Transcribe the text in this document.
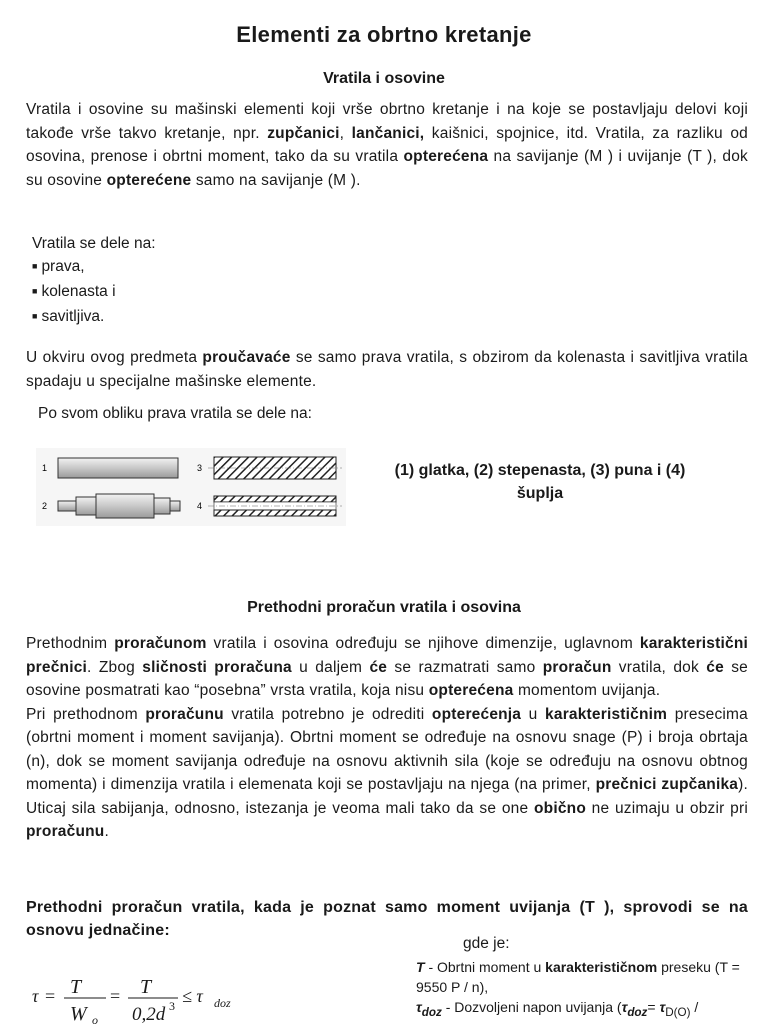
Elementi za obrtno kretanje
Vratila i osovine
Vratila i osovine su mašinski elementi koji vrše obrtno kretanje i na koje se postavljaju delovi koji takođe vrše takvo kretanje, npr. zupčanici, lančanici, kaišnici, spojnice, itd. Vratila, za razliku od osovina, prenose i obrtni moment, tako da su vratila opterećena na savijanje (M ) i uvijanje (T ), dok su osovine opterećene samo na savijanje (M ).
Vratila se dele na:
■ prava,
■ kolenasta i
■ savitljiva.
U okviru ovog predmeta proučavaće se samo prava vratila, s obzirom da kolenasta i savitljiva vratila spadaju u specijalne mašinske elemente.
Po svom obliku prava vratila se dele na:
1
2
3
4
(1) glatka, (2) stepenasta, (3) puna i (4) šuplja
Prethodni proračun vratila i osovina
Prethodnim proračunom vratila i osovina određuju se njihove dimenzije, uglavnom karakteristični prečnici. Zbog sličnosti proračuna u daljem će se razmatrati samo proračun vratila, dok će se osovine posmatrati kao “posebna” vrsta vratila, koja nisu opterećena momentom uvijanja.
Pri prethodnom proračunu vratila potrebno je odrediti opterećenja u karakterističnim presecima (obrtni moment i moment savijanja). Obrtni moment se određuje na osnovu snage (P) i broja obrtaja (n), dok se moment savijanja određuje na osnovu aktivnih sila (koje se određuju na osnovu obtnog momenta) i dimenzija vratila i elemenata koji se postavljaju na njega (na primer, prečnici zupčanika). Uticaj sila sabijanja, odnosno, istezanja je veoma mali tako da se one obično ne uzimaju u obzir pri proračunu.
Prethodni proračun vratila, kada je poznat samo moment uvijanja (T ), sprovodi se na osnovu jednačine:
τ = T
W o
= T
0,2d 3 ≤ τ doz
gde je:
T - Obrtni moment u karakterističnom preseku (T = 9550 P / n),
$\tau_{doz}$ - Dozvoljeni napon uvijanja ($\tau_{doz}= \tau_{D(O)}$ /
